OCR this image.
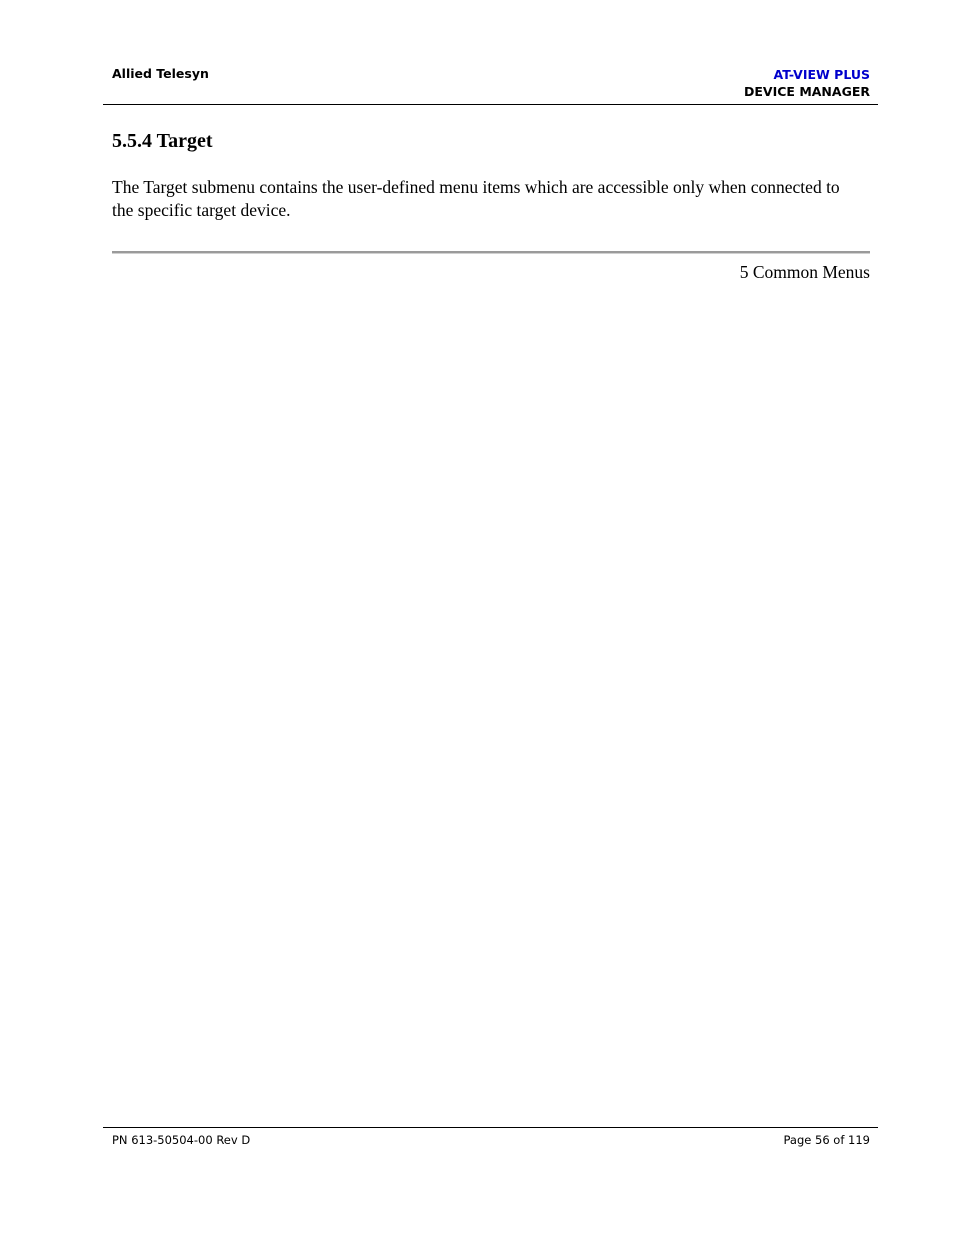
Allied Telesyn	AT-VIEW PLUS
DEVICE MANAGER
5.5.4 Target
The Target submenu contains the user-defined menu items which are accessible only when connected to the specific target device.
5 Common Menus
PN 613-50504-00 Rev D	Page 56 of 119
